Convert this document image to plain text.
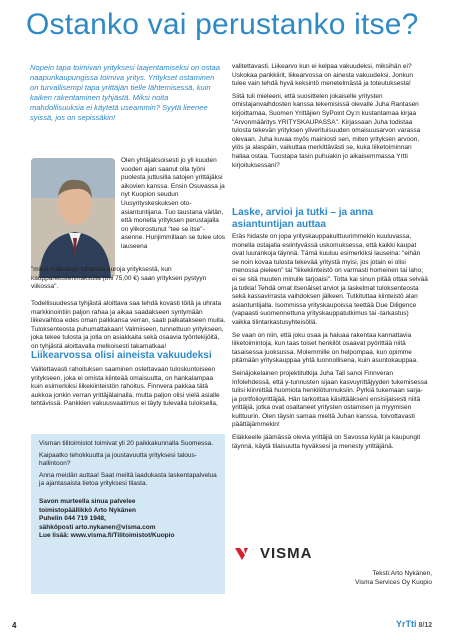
Ostanko vai perustanko itse?
Nopein tapa toimivan yrityksesi laajentamiseksi on ostaa naapurikaupungissa toimiva yritys. Yritykset ostaminen on turvallisempi tapa yrittäjän tielle lähtemisessä, kuin kaiken rakentaminen tyhjästä. Miksi noita mahdollisuuksia ei käytetä useammin? Syytä lieenee syissä, jos on sepissäkin!
Olen yhtäjaksoisesti jo yli kuuden vuoden ajan saanut olla työni puolesta juttusilla satojen yrittäjäksi aikovien kanssa. Ensin Osuvassa ja nyt Kuopion seudun Uusyrityskeskuksen oto-asiantuntijana. Tuo taustana väitän, että monella yrityksen perustajalla on ylikorostunut "tee se itse"-asenne. Hunjimmillaan se tulee ulos lauseena
"miksi maksaisin tuhansia euroja yrityksestä, kun kaupparekisterimaksulla (tmi 75,00 €) saan yrityksen pystyyn viikossa".
Todellisuudessa tyhjästä aloittava saa tehdä kovasti töitä ja uhrata markkinointiin paljon rahaa ja aikaa saadakseen syntymään liikevaihtoa edes oman palkkansa verran, saati palkatakseen muita. Tuloksenteosta puhumattakaan! Valmiiseen, tunnettuun yritykseen, joka tekee tulosta ja jolla on asiakkaita sekä osaavia työntekijöitä, on tyhjästä aloittavalla melkoisesti takamatkaa!
Liikearvossa olisi aineista vakuudeksi
Valitettavasti rahoituksen saaminen ostettavaan tuloskuntoiseen yritykseen, joka ei omista kiinteää omaisuutta, on hankalampaa kuin esimerkiksi liikekiinteistön rahoitus. Finnvera pakkaa tätä aukkoa jonkin verran yrittäjälainalla, mutta paljon olisi vielä asialle tehtävissä. Pankkien vakuusvaatimus ei täyty tulevalla tuloksella,

Visman tilitoimistot toimivat yli 20 paikkakunnalla Suomessa.

Kaipaatko tehokkuutta ja joustavuutta yrityksesi taloushallintoon?

Anna meidän auttaa! Saat meiltä laadukasta laskentapalvelua ja ajantasaista tietoa yrityksesi tilasta.

Savon murteella sinua palvelee

toimistopäällikkö Arto Nykänen

Puhelin 044 719 1948,

sähköposti arto.nykanen@visma.com

Lue lisää: www.visma.fi/Tilitoimistot/Kuopio

valitettavasti. Liikearvo kun ei kelpaa vakuudeksi, miksihän ei? Uskokaa pankkiirit, liikearvossa on ainesta vakuudeksi. Jonkun tulee vain tehdä hyvä keksintö menetelmästä ja toteutuksesta!

Siitä tuli mieleeni, että suosittelen jokaiselle yritysten omistajanvaihdosten kanssa tekemisissä olevalle Juha Rantasen kirjoittamaa, Suomen Yrittäjien SyPoint Oy:n kustantamaa kirjaa "Arvonmääritys YRITYSKAUPASSA". Kirjassaan Juha todistaa tulosta tekevän yrityksen yliverituisuuden omaisuusarvon varassa olevaan. Juha kuvaa myös mainiosti sen, miten yrityksen arvoon, ylös ja alaspäin, vaikuttaa merkittävästi se, kuka liiketoiminnan hallaa ostaa. Tuostapa tasin puhuakin jo aikaisemmassa Yrtti kirjoituksessani?

Laske, arvioi ja tutki – ja anna asiantuntijan auttaa

Eräs hidaste on jopa yrityskauppakulttuurimmekin kuuluvassa, monella ostajalla esiintyvässä uskomuksessa, että kaikki kaupat ovat luurankoja täynnä. Tämä kuuluu esimerkiksi lauseina: "eihän se noin kovaa tulosta tekevää yritystä myisi, jos jotain ei olisi menossa pieleen" tai "liikekiinteistö on varmasti homeinen tai laho; ei se sitä muuten minulle tarjoaisi". Totta kai sinun pitää ottaa selvää ja tutkia! Tehdä omat itsenäiset arviot ja laskelmat tuloksenteosta sekä kassavirrasta vaihdoksen jälkeen. Tutkituttaa kiinteistö alan asiantuntijalla. Isommissa yrityskaupoissa teettää Due Diligence (vapaasti suomennettuna yrityskauppatutkimus tai -tarkastus) vaikka tilintarkastusyhteisöllä.

Se vaan on niin, että joku osaa ja haluaa rakentaa kannattavia liiketoimintoja, kun taas toiset henkilöt osaavat pyörittää niitä tasaisessa juoksussa. Molemmille on helpompaa, kun opimme pitämään yrityskauppaa yhtä luonnollisena, kuin asuntokauppaa.

Seinäjokelainen projektitutkija Juha Tall sanoi Finnveran Infolehdessä, että y-tunnusten sijaan kasvuyrittäjyyden tukemisessa tulisi kiinnittää huomiota henkilötunnuksiin. Pyrkiä tukemaan sarja- ja portfolioyrittäjää. Hän tarkoittaa käsittääkseni ensisijaisesti niitä yrittäjiä, jotka ovat osaltaneet yritysten ostamisen ja myymisen kulttuurin. Olen täysin samaa mieltä Juhan kanssa, toivottavasti päättäjämmekin!

Eläkkeelle jäämässä olevia yrittäjiä on Savossa kylät ja kaupungit täynnä, käytä tilaisuutta hyväksesi ja menesty yrittäjänä.

VISMA
Teksti:Arto Nykänen,
Visma Services Oy Kuopio
4	YrTti 8/12
